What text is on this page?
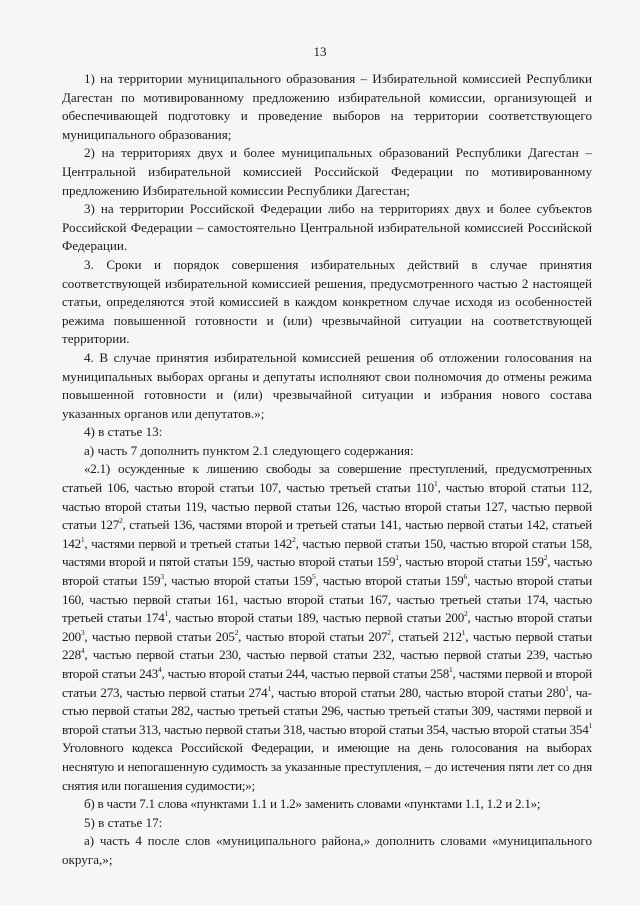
13

1) на территории муниципального образования – Избирательной комиссией Республики Дагестан по мотивированному предложению избирательной комиссии, организующей и обеспечивающей подготовку и проведение выборов на территории соответствующего муниципального образования;

2) на территориях двух и более муниципальных образований Республики Дагестан – Центральной избирательной комиссией Российской Федерации по мотивированному предложению Избирательной комиссии Республики Дагестан;

3) на территории Российской Федерации либо на территориях двух и более субъектов Российской Федерации – самостоятельно Центральной избирательной комиссией Российской Федерации.

3. Сроки и порядок совершения избирательных действий в случае принятия соответствующей избирательной комиссией решения, предусмотренного частью 2 настоящей статьи, определяются этой комиссией в каждом конкретном случае исходя из особенностей режима повышенной готовности и (или) чрезвычайной ситуации на соответствующей территории.

4. В случае принятия избирательной комиссией решения об отложении голосования на муниципальных выборах органы и депутаты исполняют свои полномочия до отмены режима повышенной готовности и (или) чрезвычайной ситуации и избрания нового состава указанных органов или депутатов.»;

4) в статье 13:

а) часть 7 дополнить пунктом 2.1 следующего содержания:

«2.1) осужденные к лишению свободы за совершение преступлений, предусмотренных статьей 106, частью второй статьи 107, частью третьей статьи $110^1$, частью второй статьи 112, частью второй статьи 119, частью первой статьи 126, частью второй статьи 127, частью первой статьи $127^2$, статьей 136, частями второй и третьей статьи 141, частью первой статьи 142, статьей $142^1$, частями первой и третьей статьи $142^2$, частью первой статьи 150, частью второй статьи 158, частями второй и пятой статьи 159, частью второй статьи $159^1$, частью второй статьи $159^2$, частью второй статьи $159^3$, частью второй статьи $159^5$, частью второй статьи $159^6$, частью второй статьи 160, частью первой статьи 161, частью второй статьи 167, частью третьей статьи 174, частью третьей статьи $174^1$, частью второй статьи 189, частью первой статьи $200^2$, частью второй статьи $200^3$, частью первой статьи $205^2$, частью второй статьи $207^2$, статьей $212^1$, частью первой статьи $228^4$, частью первой статьи 230, частью первой статьи 232, частью первой статьи 239, частью второй статьи $243^4$, частью второй статьи 244, частью первой статьи $258^1$, частями первой и второй статьи 273, частью первой статьи $274^1$, частью второй статьи 280, частью второй статьи $280^1$, частью первой статьи 282, частью третьей статьи 296, частью третьей статьи 309, частями первой и второй статьи 313, частью первой статьи 318, частью второй статьи 354, частью второй статьи $354^1$ Уголовного кодекса Российской Федерации, и имеющие на день голосования на выборах неснятую и непогашенную судимость за указанные преступления, – до истечения пяти лет со дня снятия или погашения судимости;»;

б) в части 7.1 слова «пунктами 1.1 и 1.2» заменить словами «пунктами 1.1, 1.2 и 2.1»;

5) в статье 17:

а) часть 4 после слов «муниципального района,» дополнить словами «муниципального округа,»;
